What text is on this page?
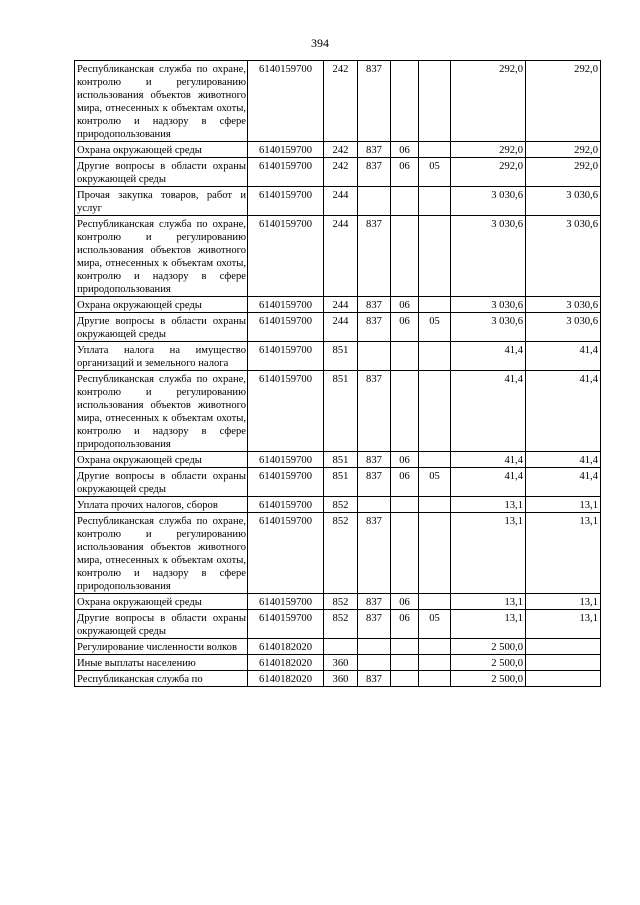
394
Республиканская служба по охране, контролю и регулированию использования объектов животного мира, отнесенных к объектам охоты, контролю и надзору в сфере природопользования	6140159700	242	837			292,0	292,0
Охрана окружающей среды	6140159700	242	837	06		292,0	292,0
Другие вопросы в области охраны окружающей среды	6140159700	242	837	06	05	292,0	292,0
Прочая закупка товаров, работ и услуг	6140159700	244				3 030,6	3 030,6
Республиканская служба по охране, контролю и регулированию использования объектов животного мира, отнесенных к объектам охоты, контролю и надзору в сфере природопользования	6140159700	244	837			3 030,6	3 030,6
Охрана окружающей среды	6140159700	244	837	06		3 030,6	3 030,6
Другие вопросы в области охраны окружающей среды	6140159700	244	837	06	05	3 030,6	3 030,6
Уплата налога на имущество организаций и земельного налога	6140159700	851				41,4	41,4
Республиканская служба по охране, контролю и регулированию использования объектов животного мира, отнесенных к объектам охоты, контролю и надзору в сфере природопользования	6140159700	851	837			41,4	41,4
Охрана окружающей среды	6140159700	851	837	06		41,4	41,4
Другие вопросы в области охраны окружающей среды	6140159700	851	837	06	05	41,4	41,4
Уплата прочих налогов, сборов	6140159700	852				13,1	13,1
Республиканская служба по охране, контролю и регулированию использования объектов животного мира, отнесенных к объектам охоты, контролю и надзору в сфере природопользования	6140159700	852	837			13,1	13,1
Охрана окружающей среды	6140159700	852	837	06		13,1	13,1
Другие вопросы в области охраны окружающей среды	6140159700	852	837	06	05	13,1	13,1
Регулирование численности волков	6140182020					2 500,0	
Иные выплаты населению	6140182020	360				2 500,0	
Республиканская служба по	6140182020	360	837			2 500,0	
